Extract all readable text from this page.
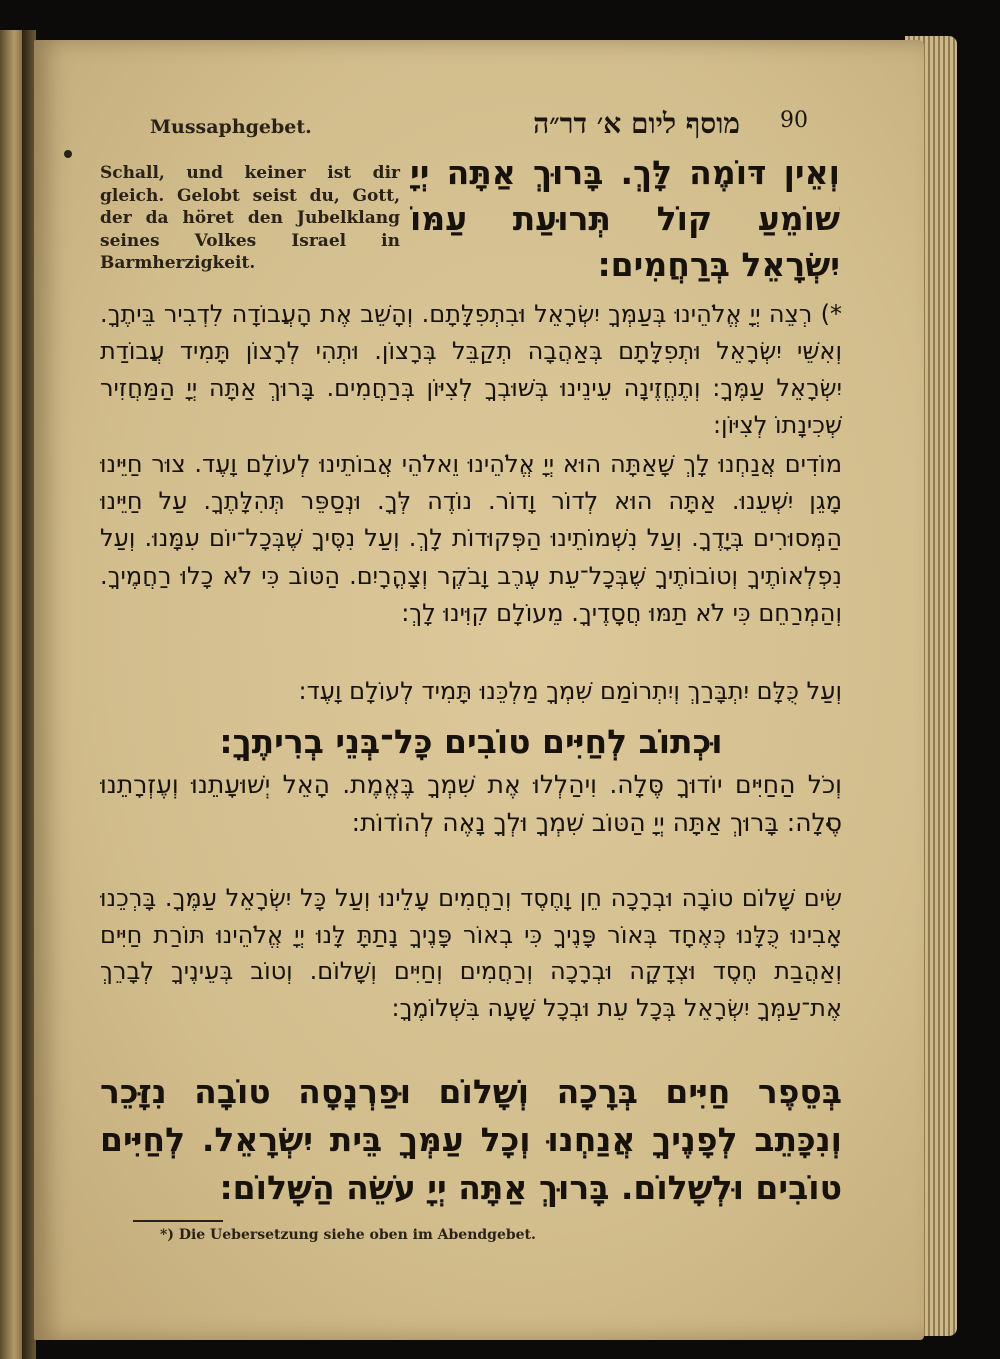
Mussaphgebet.	מוסף ליום א׳ דר״ה 90
Schall, und keiner ist dir gleich. Gelobt seist du, Gott, der da höret den Jubelklang seines Volkes Israel in Barmherzigkeit.

וְאֵין דּוֹמֶה לָּךְ. בָּרוּךְ אַתָּה יְיָ שׁוֹמֵעַ קוֹל תְּרוּעַת עַמּוֹ יִשְׂרָאֵל בְּרַחֲמִים:

*) רְצֵה יְיָ אֱלֹהֵינוּ בְּעַמְּךָ יִשְׂרָאֵל וּבִתְפִלָּתָם. וְהָשֵׁב אֶת הָעֲבוֹדָה לִדְבִיר בֵּיתֶךָ. וְאִשֵּׁי יִשְׂרָאֵל וּתְפִלָּתָם בְּאַהֲבָה תְקַבֵּל בְּרָצוֹן. וּתְהִי לְרָצוֹן תָּמִיד עֲבוֹדַת יִשְׂרָאֵל עַמֶּךָ: וְתֶחֱזֶינָה עֵינֵינוּ בְּשׁוּבְךָ לְצִיּוֹן בְּרַחֲמִים. בָּרוּךְ אַתָּה יְיָ הַמַּחֲזִיר שְׁכִינָתוֹ לְצִיּוֹן:

מוֹדִים אֲנַחְנוּ לָךְ שָׁאַתָּה הוּא יְיָ אֱלֹהֵינוּ וֵאלֹהֵי אֲבוֹתֵינוּ לְעוֹלָם וָעֶד. צוּר חַיֵּינוּ מָגֵן יִשְׁעֵנוּ. אַתָּה הוּא לְדוֹר וָדוֹר. נוֹדֶה לְּךָ. וּנְסַפֵּר תְּהִלָּתֶךָ. עַל חַיֵּינוּ הַמְּסוּרִים בְּיָדֶךָ. וְעַל נִשְׁמוֹתֵינוּ הַפְּקוּדוֹת לָךְ. וְעַל נִסֶּיךָ שֶׁבְּכָל־יוֹם עִמָּנוּ. וְעַל נִפְלְאוֹתֶיךָ וְטוֹבוֹתֶיךָ שֶׁבְּכָל־עֵת עֶרֶב וָבֹקֶר וְצָהֳרָיִם. הַטּוֹב כִּי לֹא כָלוּ רַחֲמֶיךָ. וְהַמְרַחֵם כִּי לֹא תַמּוּ חֲסָדֶיךָ. מֵעוֹלָם קִוִּינוּ לָךְ:

וְעַל כֻּלָּם יִתְבָּרַךְ וְיִתְרוֹמַם שִׁמְךָ מַלְכֵּנוּ תָּמִיד לְעוֹלָם וָעֶד:

וּכְתוֹב לְחַיִּים טוֹבִים כָּל־בְּנֵי בְרִיתֶךָ:

וְכֹל הַחַיִּים יוֹדוּךָ סֶּלָה. וִיהַלְלוּ אֶת שִׁמְךָ בֶּאֱמֶת. הָאֵל יְשׁוּעָתֵנוּ וְעֶזְרָתֵנוּ סֶלָה: בָּרוּךְ אַתָּה יְיָ הַטּוֹב שִׁמְךָ וּלְךָ נָאֶה לְהוֹדוֹת:

שִׂים שָׁלוֹם טוֹבָה וּבְרָכָה חֵן וָחֶסֶד וְרַחֲמִים עָלֵינוּ וְעַל כָּל יִשְׂרָאֵל עַמֶּךָ. בָּרְכֵנוּ אָבִינוּ כֻּלָּנוּ כְּאֶחָד בְּאוֹר פָּנֶיךָ כִּי בְאוֹר פָּנֶיךָ נָתַתָּ לָּנוּ יְיָ אֱלֹהֵינוּ תּוֹרַת חַיִּים וְאַהֲבַת חֶסֶד וּצְדָקָה וּבְרָכָה וְרַחֲמִים וְחַיִּים וְשָׁלוֹם. וְטוֹב בְּעֵינֶיךָ לְבָרֵךְ אֶת־עַמְּךָ יִשְׂרָאֵל בְּכָל עֵת וּבְכָל שָׁעָה בִּשְׁלוֹמֶךָ:

בְּסֵפֶר חַיִּים בְּרָכָה וְשָׁלוֹם וּפַרְנָסָה טוֹבָה נִזָּכֵר וְנִכָּתֵב לְפָנֶיךָ אֲנַחְנוּ וְכָל עַמְּךָ בֵּית יִשְׂרָאֵל. לְחַיִּים טוֹבִים וּלְשָׁלוֹם. בָּרוּךְ אַתָּה יְיָ עֹשֵׂה הַשָּׁלוֹם:

*) Die Uebersetzung siehe oben im Abendgebet.
